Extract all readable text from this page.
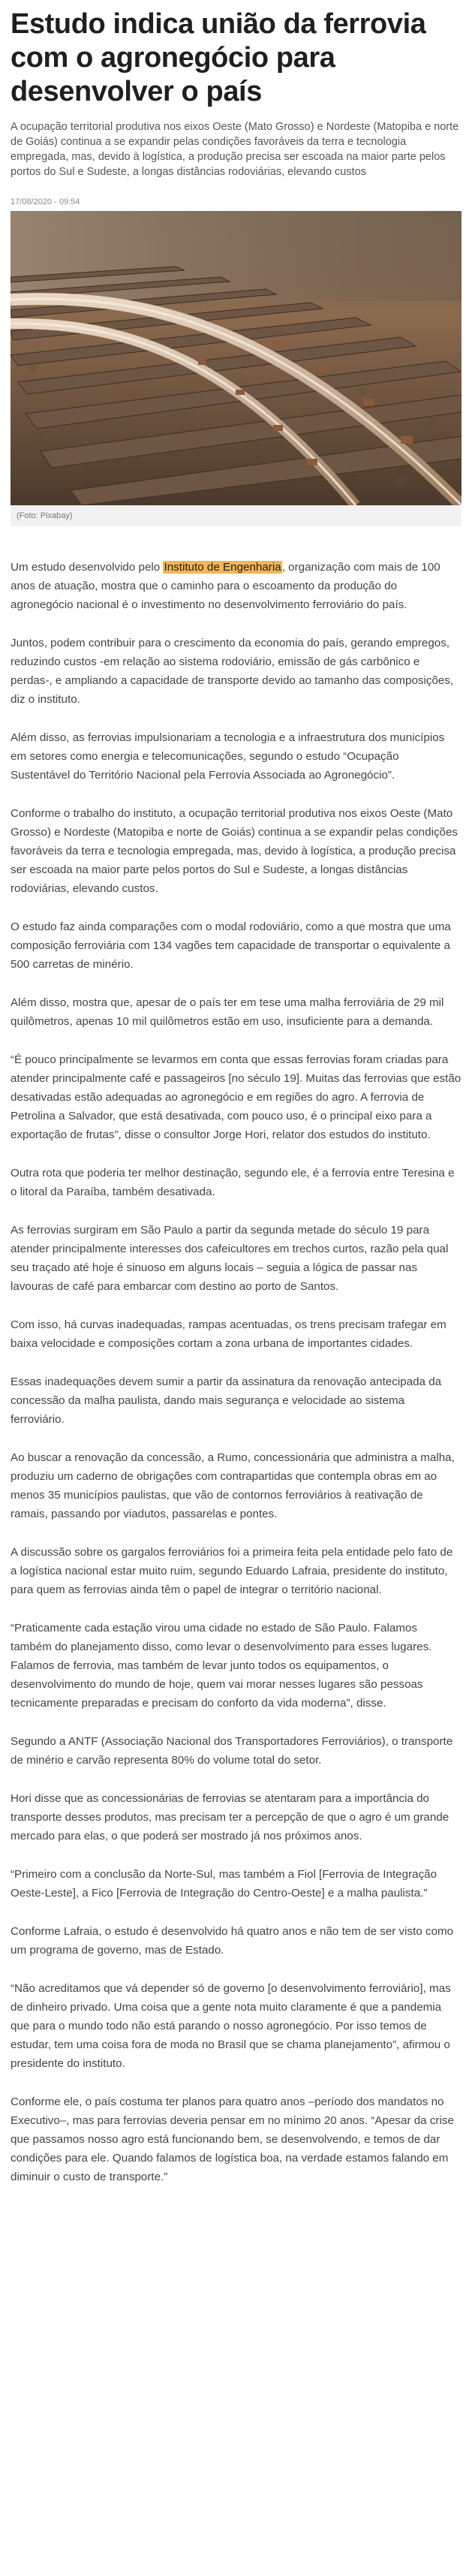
Estudo indica união da ferrovia com o agronegócio para desenvolver o país

A ocupação territorial produtiva nos eixos Oeste (Mato Grosso) e Nordeste (Matopiba e norte de Goiás) continua a se expandir pelas condições favoráveis da terra e tecnologia empregada, mas, devido à logística, a produção precisa ser escoada na maior parte pelos portos do Sul e Sudeste, a longas distâncias rodoviárias, elevando custos

17/08/2020 - 09:54
(Foto: Pixabay)

Um estudo desenvolvido pelo Instituto de Engenharia, organização com mais de 100 anos de atuação, mostra que o caminho para o escoamento da produção do agronegócio nacional é o investimento no desenvolvimento ferroviário do país.

Juntos, podem contribuir para o crescimento da economia do país, gerando empregos, reduzindo custos -em relação ao sistema rodoviário, emissão de gás carbônico e perdas-, e ampliando a capacidade de transporte devido ao tamanho das composições, diz o instituto.

Além disso, as ferrovias impulsionariam a tecnologia e a infraestrutura dos municípios em setores como energia e telecomunicações, segundo o estudo “Ocupação Sustentável do Território Nacional pela Ferrovia Associada ao Agronegócio”.

Conforme o trabalho do instituto, a ocupação territorial produtiva nos eixos Oeste (Mato Grosso) e Nordeste (Matopiba e norte de Goiás) continua a se expandir pelas condições favoráveis da terra e tecnologia empregada, mas, devido à logística, a produção precisa ser escoada na maior parte pelos portos do Sul e Sudeste, a longas distâncias rodoviárias, elevando custos.

O estudo faz ainda comparações com o modal rodoviário, como a que mostra que uma composição ferroviária com 134 vagões tem capacidade de transportar o equivalente a 500 carretas de minério.

Além disso, mostra que, apesar de o país ter em tese uma malha ferroviária de 29 mil quilômetros, apenas 10 mil quilômetros estão em uso, insuficiente para a demanda.

“É pouco principalmente se levarmos em conta que essas ferrovias foram criadas para atender principalmente café e passageiros [no século 19]. Muitas das ferrovias que estão desativadas estão adequadas ao agronegócio e em regiões do agro. A ferrovia de Petrolina a Salvador, que está desativada, com pouco uso, é o principal eixo para a exportação de frutas”, disse o consultor Jorge Hori, relator dos estudos do instituto.

Outra rota que poderia ter melhor destinação, segundo ele, é a ferrovia entre Teresina e o litoral da Paraíba, também desativada.

As ferrovias surgiram em São Paulo a partir da segunda metade do século 19 para atender principalmente interesses dos cafeicultores em trechos curtos, razão pela qual seu traçado até hoje é sinuoso em alguns locais – seguia a lógica de passar nas lavouras de café para embarcar com destino ao porto de Santos.

Com isso, há curvas inadequadas, rampas acentuadas, os trens precisam trafegar em baixa velocidade e composições cortam a zona urbana de importantes cidades.

Essas inadequações devem sumir a partir da assinatura da renovação antecipada da concessão da malha paulista, dando mais segurança e velocidade ao sistema ferroviário.

Ao buscar a renovação da concessão, a Rumo, concessionária que administra a malha, produziu um caderno de obrigações com contrapartidas que contempla obras em ao menos 35 municípios paulistas, que vão de contornos ferroviários à reativação de ramais, passando por viadutos, passarelas e pontes.

A discussão sobre os gargalos ferroviários foi a primeira feita pela entidade pelo fato de a logística nacional estar muito ruim, segundo Eduardo Lafraia, presidente do instituto, para quem as ferrovias ainda têm o papel de integrar o território nacional.

“Praticamente cada estação virou uma cidade no estado de São Paulo. Falamos também do planejamento disso, como levar o desenvolvimento para esses lugares. Falamos de ferrovia, mas também de levar junto todos os equipamentos, o desenvolvimento do mundo de hoje, quem vai morar nesses lugares são pessoas tecnicamente preparadas e precisam do conforto da vida moderna”, disse.

Segundo a ANTF (Associação Nacional dos Transportadores Ferroviários), o transporte de minério e carvão representa 80% do volume total do setor.

Hori disse que as concessionárias de ferrovias se atentaram para a importância do transporte desses produtos, mas precisam ter a percepção de que o agro é um grande mercado para elas, o que poderá ser mostrado já nos próximos anos.

“Primeiro com a conclusão da Norte-Sul, mas também a Fiol [Ferrovia de Integração Oeste-Leste], a Fico [Ferrovia de Integração do Centro-Oeste] e a malha paulista.”

Conforme Lafraia, o estudo é desenvolvido há quatro anos e não tem de ser visto como um programa de governo, mas de Estado.

“Não acreditamos que vá depender só de governo [o desenvolvimento ferroviário], mas de dinheiro privado. Uma coisa que a gente nota muito claramente é que a pandemia que para o mundo todo não está parando o nosso agronegócio. Por isso temos de estudar, tem uma coisa fora de moda no Brasil que se chama planejamento”, afirmou o presidente do instituto.

Conforme ele, o país costuma ter planos para quatro anos –período dos mandatos no Executivo–, mas para ferrovias deveria pensar em no mínimo 20 anos. “Apesar da crise que passamos nosso agro está funcionando bem, se desenvolvendo, e temos de dar condições para ele. Quando falamos de logística boa, na verdade estamos falando em diminuir o custo de transporte.”
